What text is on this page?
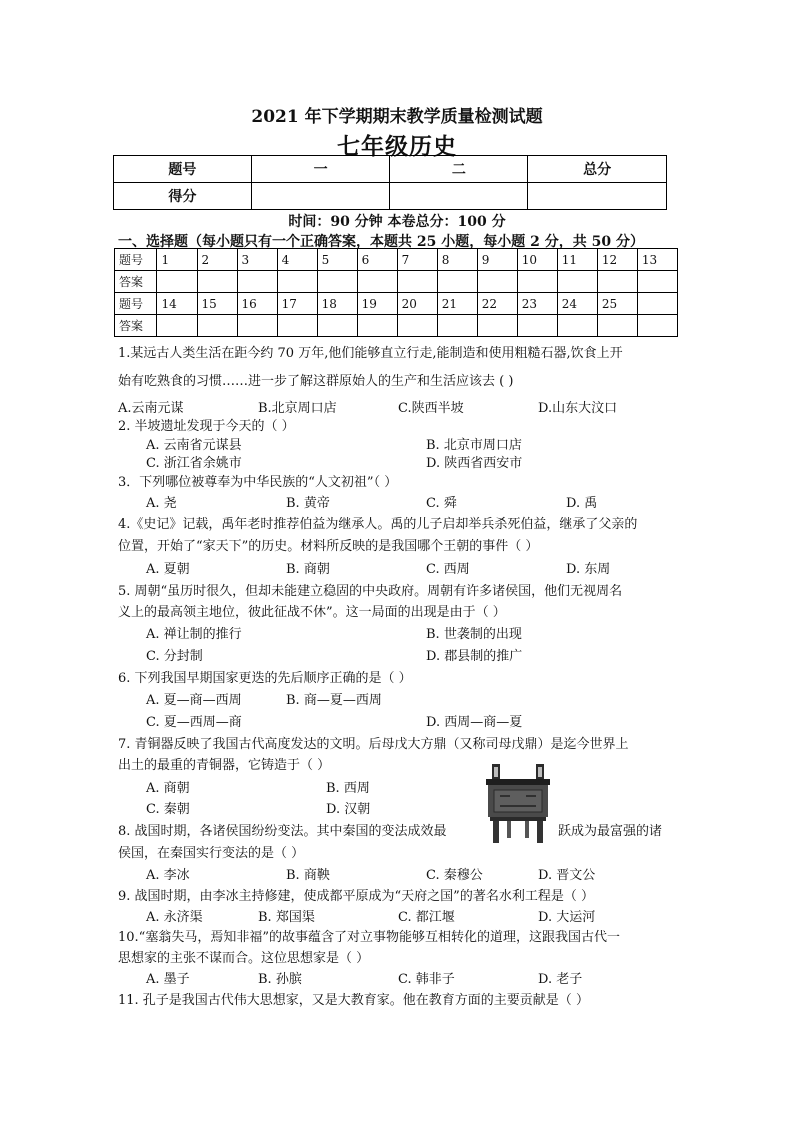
2021 年下学期期末教学质量检测试题
七年级历史
题号	一	二	总分
得分			
时间：90 分钟 本卷总分：100 分
一、选择题（每小题只有一个正确答案，本题共 25 小题，每小题 2 分，共 50 分）
题号	1	2	3	4	5	6	7	8	9	10	11	12	13
答案													
题号	14	15	16	17	18	19	20	21	22	23	24	25	
答案													
1.某远古人类生活在距今约 70 万年,他们能够直立行走,能制造和使用粗糙石器,饮食上开
始有吃熟食的习惯……进一步了解这群原始人的生产和生活应该去 ( )
A.云南元谋	B.北京周口店	C.陕西半坡	D.山东大汶口
2. 半坡遗址发现于今天的（ ）
A. 云南省元谋县	B. 北京市周口店
C. 浙江省余姚市	D. 陕西省西安市
3．下列哪位被尊奉为中华民族的“人文初祖”（ ）
A. 尧	B. 黄帝	C. 舜	D. 禹
4.《史记》记载，禹年老时推荐伯益为继承人。禹的儿子启却举兵杀死伯益，继承了父亲的
位置，开始了“家天下”的历史。材料所反映的是我国哪个王朝的事件（ ）
A. 夏朝	B. 商朝	C. 西周	D. 东周
5. 周朝“虽历时很久，但却未能建立稳固的中央政府。周朝有许多诸侯国，他们无视周名
义上的最高领主地位，彼此征战不休”。这一局面的出现是由于（ ）
A. 禅让制的推行	B. 世袭制的出现
C. 分封制	D. 郡县制的推广
6. 下列我国早期国家更迭的先后顺序正确的是（ ）
A. 夏—商—西周	B. 商—夏—西周
C. 夏—西周—商	D. 西周—商—夏
7. 青铜器反映了我国古代高度发达的文明。后母戊大方鼎（又称司母戊鼎）是迄今世界上
出土的最重的青铜器，它铸造于（ ）
A. 商朝	B. 西周
C. 秦朝	D. 汉朝
8. 战国时期，各诸侯国纷纷变法。其中秦国的变法成效最	跃成为最富强的诸
侯国，在秦国实行变法的是（ ）
A. 李冰	B. 商鞅	C. 秦穆公	D. 晋文公
9. 战国时期，由李冰主持修建，使成都平原成为“天府之国”的著名水利工程是（ ）
A. 永济渠	B. 郑国渠	C. 都江堰	D. 大运河
10.“塞翁失马，焉知非福”的故事蕴含了对立事物能够互相转化的道理，这跟我国古代一
思想家的主张不谋而合。这位思想家是（ ）
A. 墨子	B. 孙膑	C. 韩非子	D. 老子
11. 孔子是我国古代伟大思想家，又是大教育家。他在教育方面的主要贡献是（ ）
